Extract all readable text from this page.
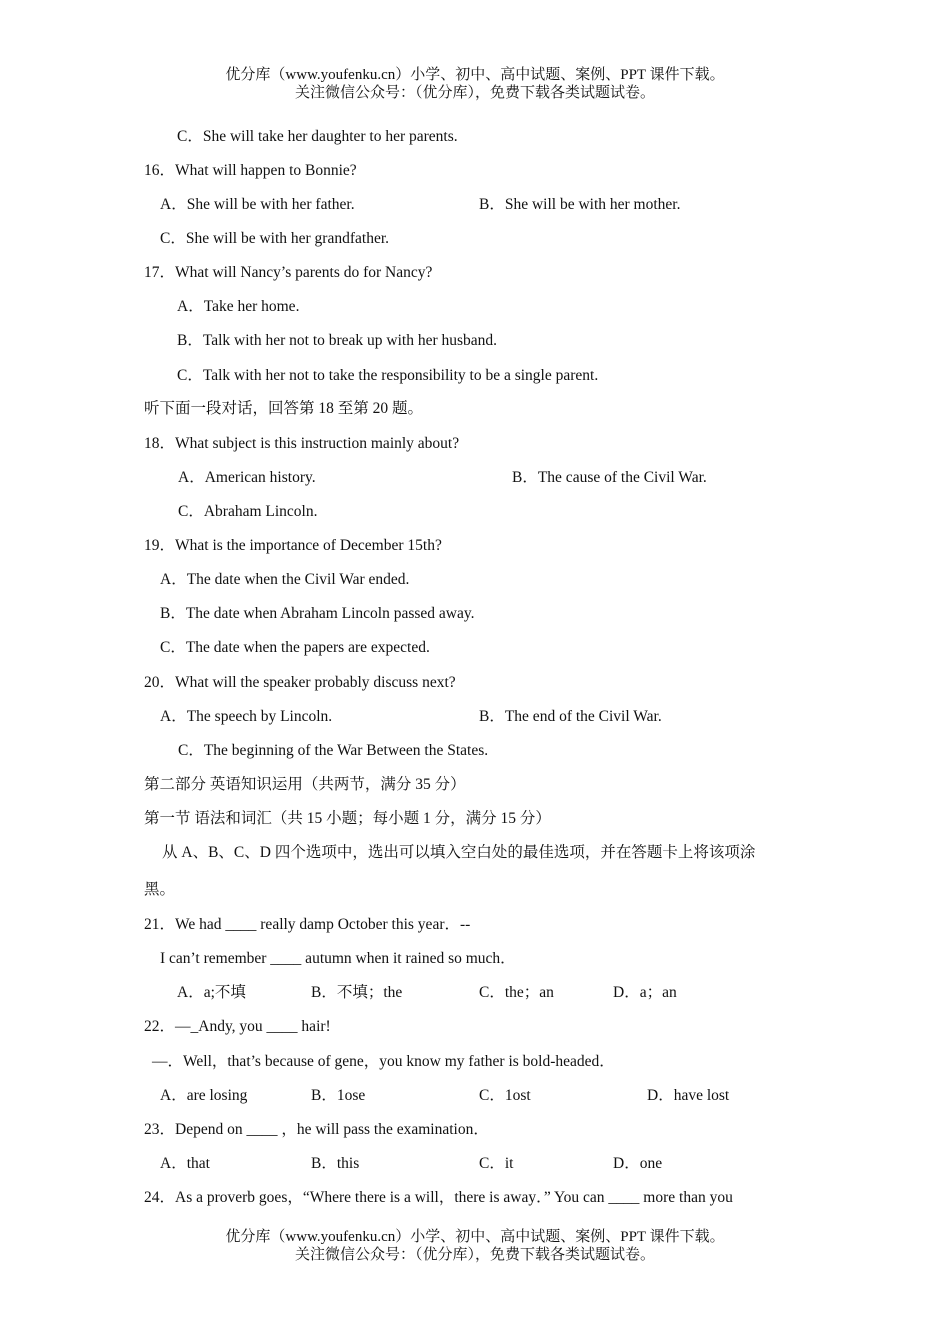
优分库（www.youfenku.cn）小学、初中、高中试题、案例、PPT 课件下载。
关注微信公众号：（优分库），免费下载各类试题试卷。
C．She will take her daughter to her parents.
16．What will happen to Bonnie?
A．She will be with her father.	B．She will be with her mother.
C．She will be with her grandfather.
17．What will Nancy’s parents do for Nancy?
A．Take her home.
B．Talk with her not to break up with her husband.
C．Talk with her not to take the responsibility to be a single parent.
听下面一段对话，回答第 18 至第 20 题。
18．What subject is this instruction mainly about?
A．American history.	B．The cause of the Civil War.
C．Abraham Lincoln.
19．What is the importance of December 15th?
A．The date when the Civil War ended.
B．The date when Abraham Lincoln passed away.
C．The date when the papers are expected.
20．What will the speaker probably discuss next?
A．The speech by Lincoln.	B．The end of the Civil War.
C．The beginning of the War Between the States.
第二部分 英语知识运用（共两节，满分 35 分）
第一节 语法和词汇（共 15 小题；每小题 1 分，满分 15 分）
从 A、B、C、D 四个选项中，选出可以填入空白处的最佳选项，并在答题卡上将该项涂
黑。
21．We had ____ really damp October this year．--
I can’t remember ____ autumn when it rained so much．
A．a;不填	B．不填；the	C．the；an	D．a；an
22．—_Andy, you ____ hair!
—．Well，that’s because of gene，you know my father is bold-headed．
A．are losing	B．1ose	C．1ost	D．have lost
23．Depend on ____ ，he will pass the examination．
A．that	B．this	C．it	D．one
24．As a proverb goes，“Where there is a will，there is away．” You can ____ more than you
优分库（www.youfenku.cn）小学、初中、高中试题、案例、PPT 课件下载。
关注微信公众号：（优分库），免费下载各类试题试卷。
